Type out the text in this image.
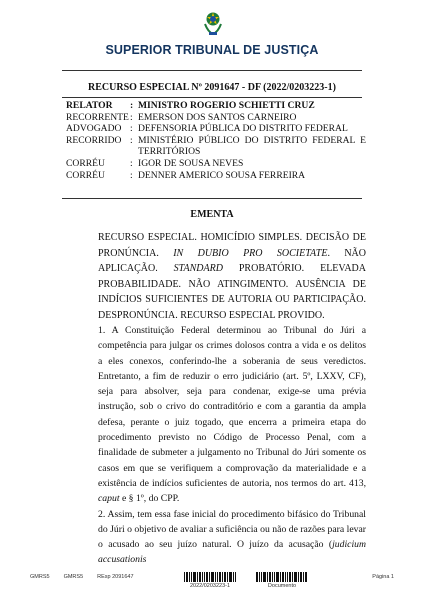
SUPERIOR TRIBUNAL DE JUSTIÇA
RECURSO ESPECIAL Nº 2091647 - DF (2022/0203223-1)
RELATOR	: MINISTRO ROGERIO SCHIETTI CRUZ
RECORRENTE : EMERSON DOS SANTOS CARNEIRO
ADVOGADO : DEFENSORIA PÚBLICA DO DISTRITO FEDERAL
RECORRIDO : MINISTÉRIO PÚBLICO DO DISTRITO FEDERAL E TERRITÓRIOS
CORRÉU	: IGOR DE SOUSA NEVES
CORRÉU	: DENNER AMERICO SOUSA FERREIRA
EMENTA
RECURSO ESPECIAL. HOMICÍDIO SIMPLES. DECISÃO DE PRONÚNCIA. IN DUBIO PRO SOCIETATE. NÃO APLICAÇÃO. STANDARD PROBATÓRIO. ELEVADA PROBABILIDADE. NÃO ATINGIMENTO. AUSÊNCIA DE INDÍCIOS SUFICIENTES DE AUTORIA OU PARTICIPAÇÃO. DESPRONÚNCIA. RECURSO ESPECIAL PROVIDO.

1. A Constituição Federal determinou ao Tribunal do Júri a competência para julgar os crimes dolosos contra a vida e os delitos a eles conexos, conferindo-lhe a soberania de seus veredictos. Entretanto, a fim de reduzir o erro judiciário (art. 5º, LXXV, CF), seja para absolver, seja para condenar, exige-se uma prévia instrução, sob o crivo do contraditório e com a garantia da ampla defesa, perante o juiz togado, que encerra a primeira etapa do procedimento previsto no Código de Processo Penal, com a finalidade de submeter a julgamento no Tribunal do Júri somente os casos em que se verifiquem a comprovação da materialidade e a existência de indícios suficientes de autoria, nos termos do art. 413, caput e § 1º, do CPP.

2. Assim, tem essa fase inicial do procedimento bifásico do Tribunal do Júri o objetivo de avaliar a suficiência ou não de razões para levar o acusado ao seu juízo natural. O juízo da acusação (judicium accusationis

GMRS5	GMRS5	REsp 2091647
2022/0203223-1	Documento
Página 1
